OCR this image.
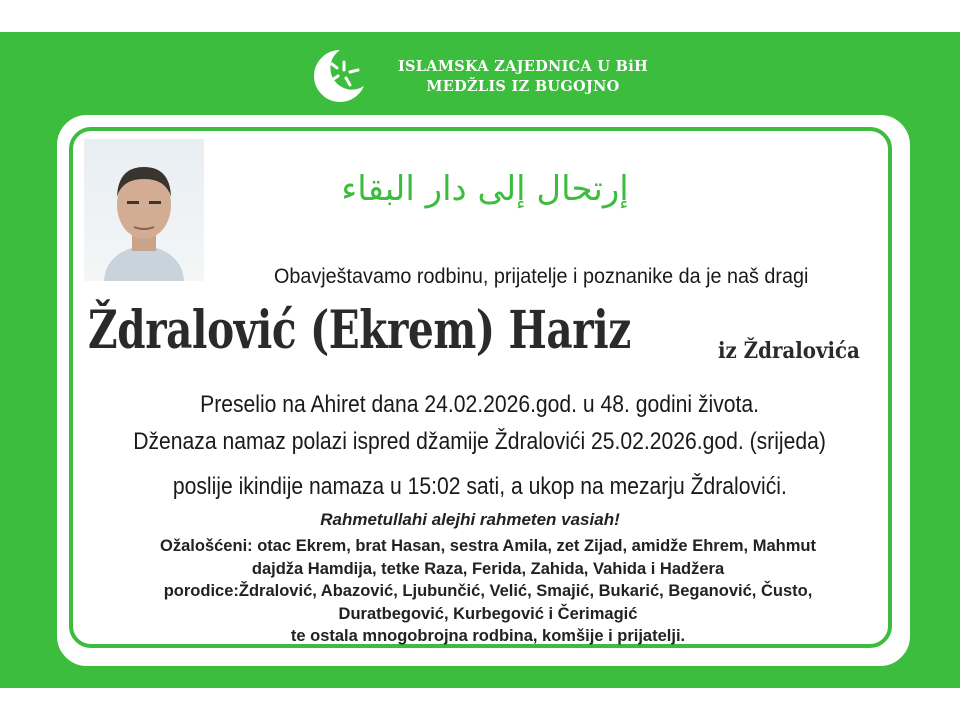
ISLAMSKA ZAJEDNICA U BiH
MEDŽLIS IZ BUGOJNO
إرتحال إلى دار البقاء
Obavještavamo rodbinu, prijatelje i poznanike da je naš dragi
Ždralović (Ekrem) Hariz	iz Ždralovića
Preselio na Ahiret dana 24.02.2026.god. u 48. godini života.
Dženaza namaz polazi ispred džamije Ždralovići 25.02.2026.god. (srijeda)
poslije ikindije namaza u 15:02 sati, a ukop na mezarju Ždralovići.
Rahmetullahi alejhi rahmeten vasiah!
Ožalošćeni: otac Ekrem, brat Hasan, sestra Amila, zet Zijad, amidže Ehrem, Mahmut
dajdža Hamdija, tetke Raza, Ferida, Zahida, Vahida i Hadžera
porodice:Ždralović, Abazović, Ljubunčić, Velić, Smajić, Bukarić, Beganović, Čusto,
Duratbegović, Kurbegović i Čerimagić
te ostala mnogobrojna rodbina, komšije i prijatelji.
